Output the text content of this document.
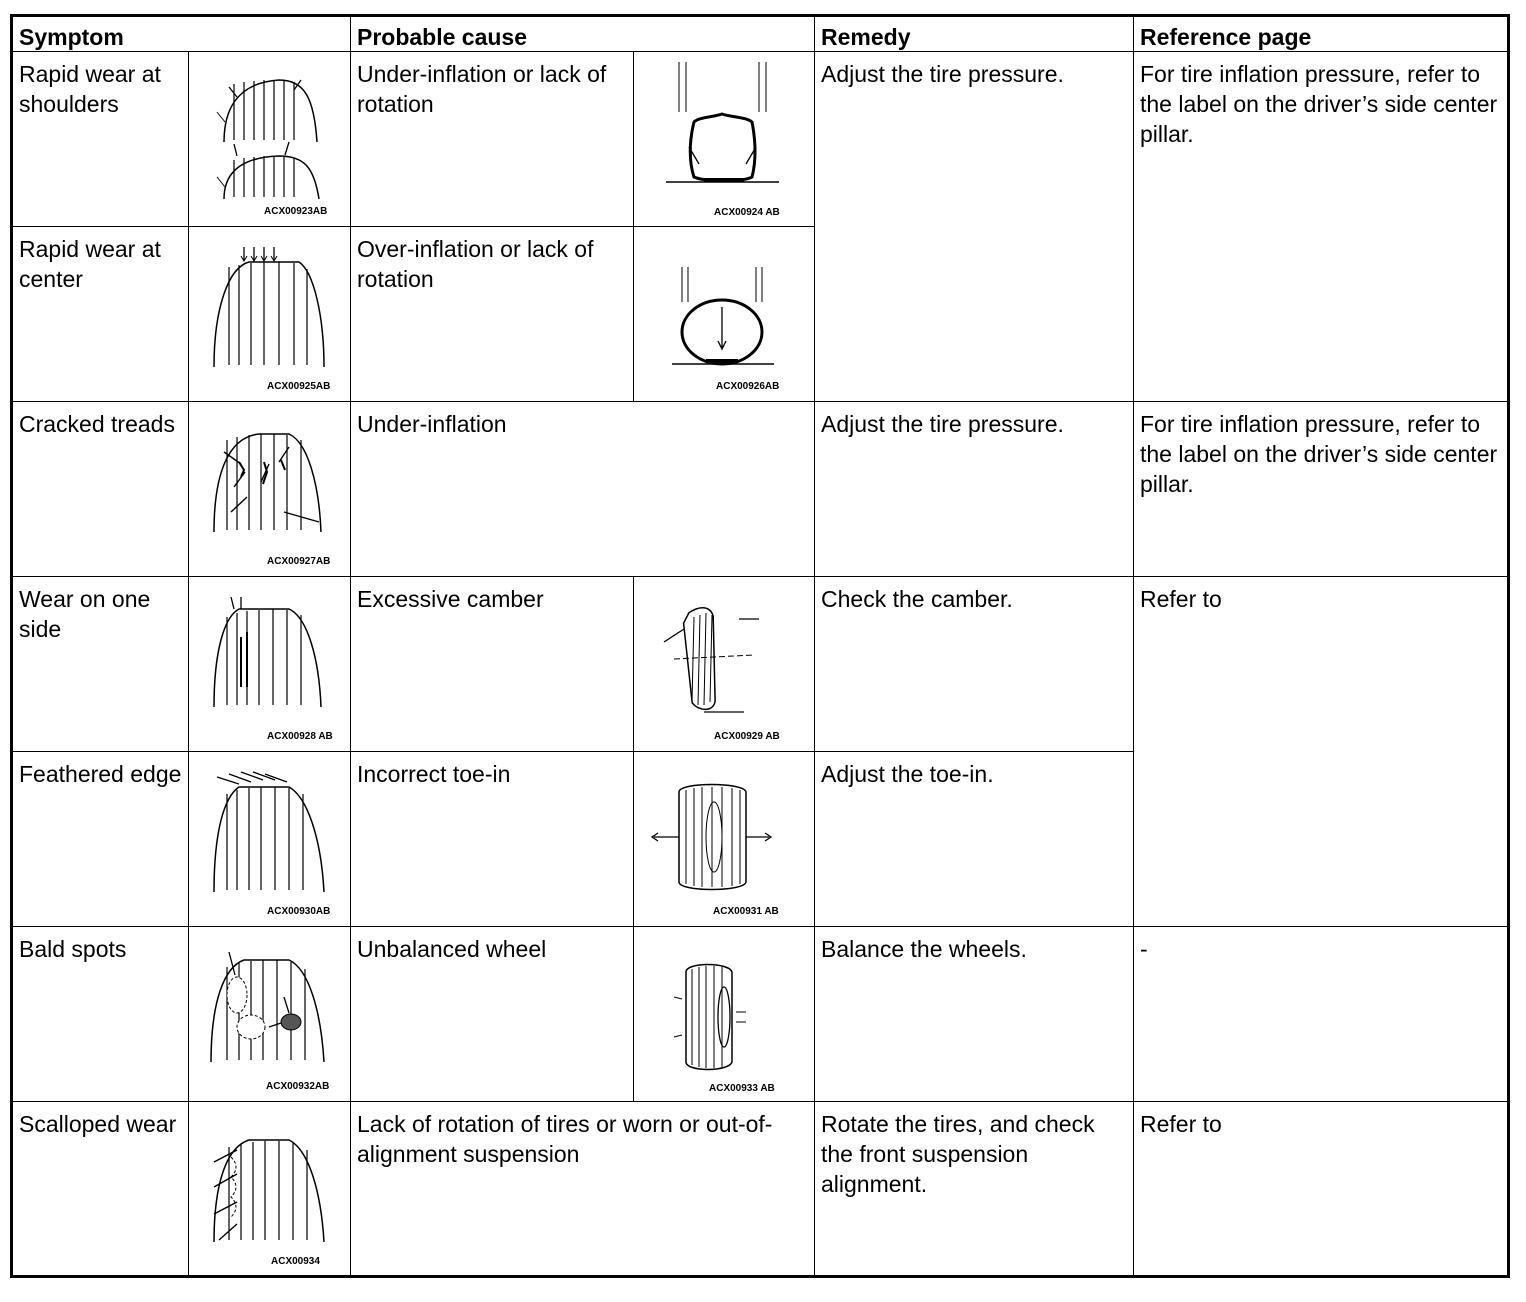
Symptom		Probable cause		Remedy	Reference page

Rapid wear at shoulders	ACX00923AB	Under-inflation or lack of rotation	ACX00924 AB	Adjust the tire pressure.	For tire inflation pressure, refer to the label on the driver’s side center pillar.

Rapid wear at center	ACX00925AB	Over-inflation or lack of rotation	ACX00926AB		

Cracked treads	ACX00927AB	Under-inflation		Adjust the tire pressure.	For tire inflation pressure, refer to the label on the driver’s side center pillar.

Wear on one side	ACX00928 AB	Excessive camber	ACX00929 AB	Check the camber.	Refer to

Feathered edge	ACX00930AB	Incorrect toe-in	ACX00931 AB	Adjust the toe-in.	

Bald spots	ACX00932AB	Unbalanced wheel	ACX00933 AB	Balance the wheels.	-

Scalloped wear	ACX00934	Lack of rotation of tires or worn or out-of-alignment suspension		Rotate the tires, and check the front suspension alignment.	Refer to
